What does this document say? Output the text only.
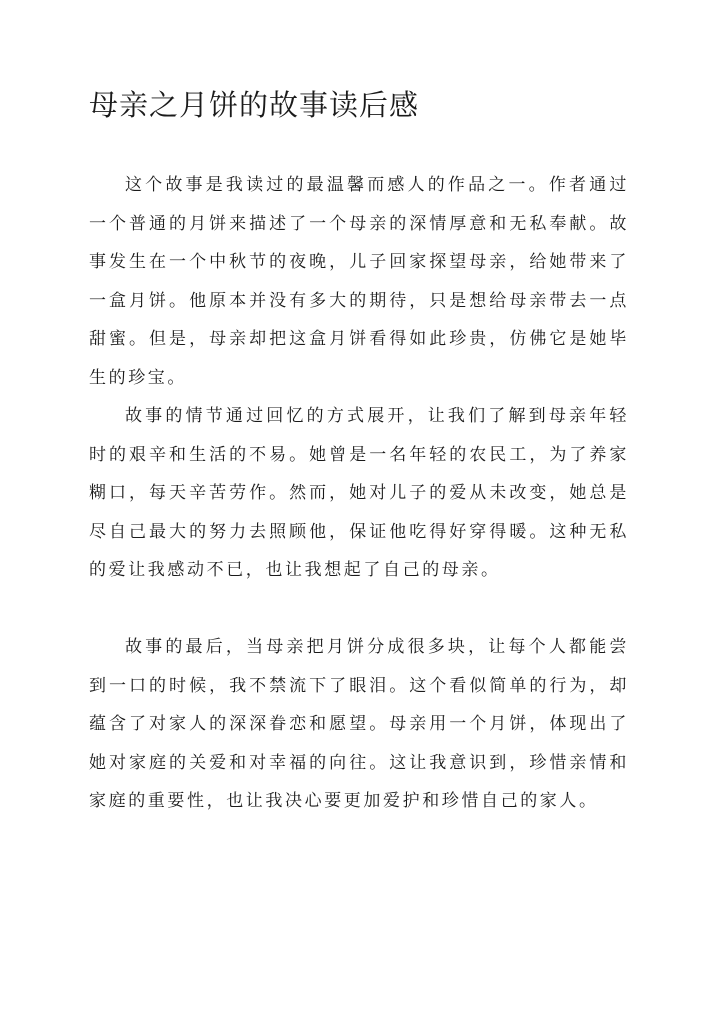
母亲之月饼的故事读后感

这个故事是我读过的最温馨而感人的作品之一。作者通过一个普通的月饼来描述了一个母亲的深情厚意和无私奉献。故事发生在一个中秋节的夜晚，儿子回家探望母亲，给她带来了一盒月饼。他原本并没有多大的期待，只是想给母亲带去一点甜蜜。但是，母亲却把这盒月饼看得如此珍贵，仿佛它是她毕生的珍宝。

故事的情节通过回忆的方式展开，让我们了解到母亲年轻时的艰辛和生活的不易。她曾是一名年轻的农民工，为了养家糊口，每天辛苦劳作。然而，她对儿子的爱从未改变，她总是尽自己最大的努力去照顾他，保证他吃得好穿得暖。这种无私的爱让我感动不已，也让我想起了自己的母亲。

故事的最后，当母亲把月饼分成很多块，让每个人都能尝到一口的时候，我不禁流下了眼泪。这个看似简单的行为，却蕴含了对家人的深深眷恋和愿望。母亲用一个月饼，体现出了她对家庭的关爱和对幸福的向往。这让我意识到，珍惜亲情和家庭的重要性，也让我决心要更加爱护和珍惜自己的家人。
